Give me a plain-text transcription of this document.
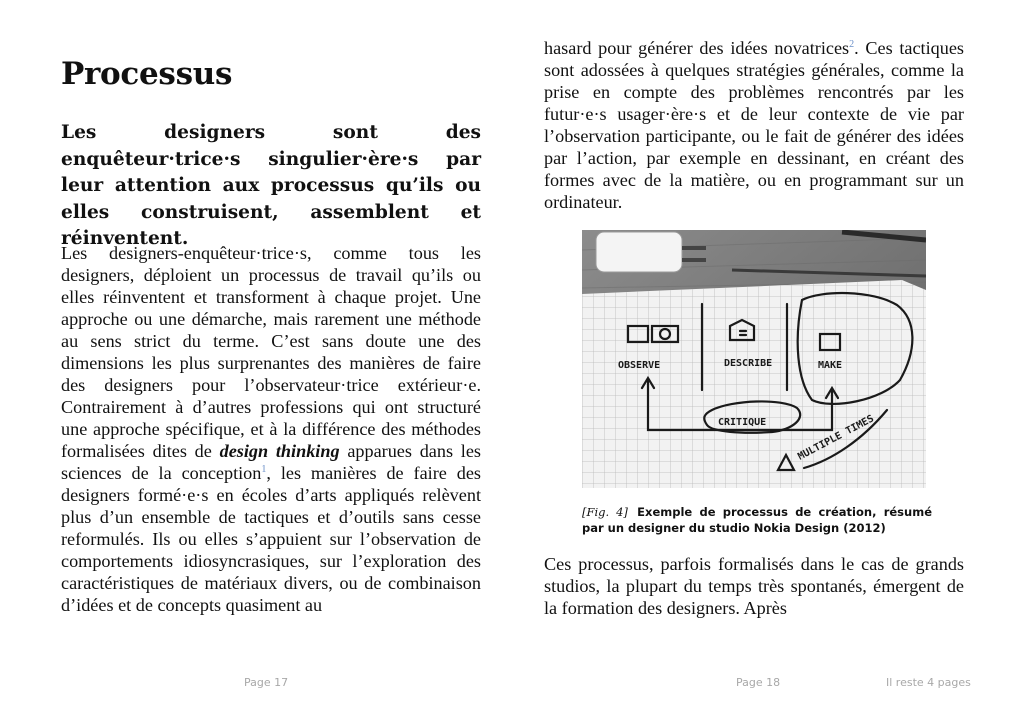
Processus
Les designers sont des enquêteur·trice·s singulier·ère·s par leur attention aux processus qu’ils ou elles construisent, assemblent et réinventent.

Les designers-enquêteur·trice·s, comme tous les designers, déploient un processus de travail qu’ils ou elles réinventent et transforment à chaque projet. Une approche ou une démarche, mais rarement une méthode au sens strict du terme. C’est sans doute une des dimensions les plus surprenantes des manières de faire des designers pour l’observateur·trice extérieur·e. Contrairement à d’autres professions qui ont structuré une approche spécifique, et à la différence des méthodes formalisées dites de design thinking apparues dans les sciences de la conception$^1$, les manières de faire des designers formé·e·s en écoles d’arts appliqués relèvent plus d’un ensemble de tactiques et d’outils sans cesse reformulés. Ils ou elles s’appuient sur l’observation de comportements idiosyncrasiques, sur l’exploration des caractéristiques de matériaux divers, ou de combinaison d’idées et de concepts quasiment au

hasard pour générer des idées novatrices$^2$. Ces tactiques sont adossées à quelques stratégies générales, comme la prise en compte des problèmes rencontrés par les futur·e·s usager·ère·s et de leur contexte de vie par l’observation participante, ou le fait de générer des idées par l’action, par exemple en dessinant, en créant des formes avec de la matière, ou en programmant sur un ordinateur.

OBSERVE	DESCRIBE	MAKE
CRITIQUE	MULTIPLE TIMES
[Fig. 4] Exemple de processus de création, résumé par un designer du studio Nokia Design (2012)

Ces processus, parfois formalisés dans le cas de grands studios, la plupart du temps très spontanés, émergent de la formation des designers. Après

Page 17	Page 18	Il reste 4 pages
